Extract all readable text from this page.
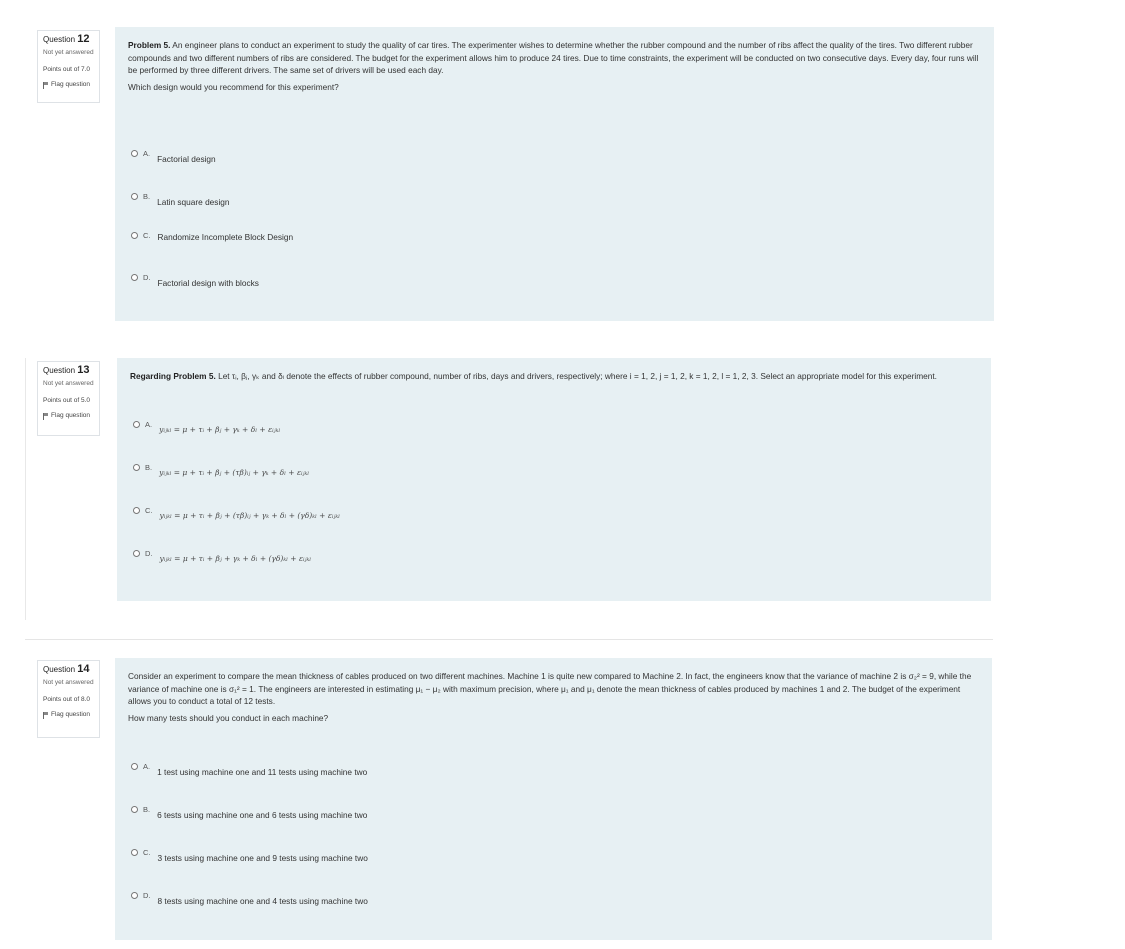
Question 12
Not yet answered
Points out of 7.0
Flag question
Problem 5. An engineer plans to conduct an experiment to study the quality of car tires. The experimenter wishes to determine whether the rubber compound and the number of ribs affect the quality of the tires. Two different rubber compounds and two different numbers of ribs are considered. The budget for the experiment allows him to produce 24 tires. Due to time constraints, the experiment will be conducted on two consecutive days. Every day, four runs will be performed by three different drivers. The same set of drivers will be used each day.
Which design would you recommend for this experiment?
A.
Factorial design
B.
Latin square design
C. Randomize Incomplete Block Design
D.
Factorial design with blocks
Question 13
Not yet answered
Points out of 5.0
Flag question
Regarding Problem 5. Let τᵢ, βⱼ, γₖ and δₗ denote the effects of rubber compound, number of ribs, days and drivers, respectively; where i = 1, 2, j = 1, 2, k = 1, 2, l = 1, 2, 3. Select an appropriate model for this experiment.
A.
yᵢⱼₖₗ = μ + τᵢ + βⱼ + γₖ + δₗ + εᵢⱼₖₗ
B.
yᵢⱼₖₗ = μ + τᵢ + βⱼ + (τβ)ᵢⱼ + γₖ + δₗ + εᵢⱼₖₗ
C.
yᵢⱼₖₗ = μ + τᵢ + βⱼ + (τβ)ᵢⱼ + γₖ + δₗ + (γδ)ₖₗ + εᵢⱼₖₗ
D.
yᵢⱼₖₗ = μ + τᵢ + βⱼ + γₖ + δₗ + (γδ)ₖₗ + εᵢⱼₖₗ
Question 14
Not yet answered
Points out of 8.0
Flag question
Consider an experiment to compare the mean thickness of cables produced on two different machines. Machine 1 is quite new compared to Machine 2. In fact, the engineers know that the variance of machine 2 is σ₂² = 9, while the variance of machine one is σ₁² = 1. The engineers are interested in estimating μ₁ − μ₂ with maximum precision, where μ₁ and μ₁ denote the mean thickness of cables produced by machines 1 and 2. The budget of the experiment allows you to conduct a total of 12 tests.
How many tests should you conduct in each machine?
A.
1 test using machine one and 11 tests using machine two
B.
6 tests using machine one and 6 tests using machine two
C.
3 tests using machine one and 9 tests using machine two
D.
8 tests using machine one and 4 tests using machine two
